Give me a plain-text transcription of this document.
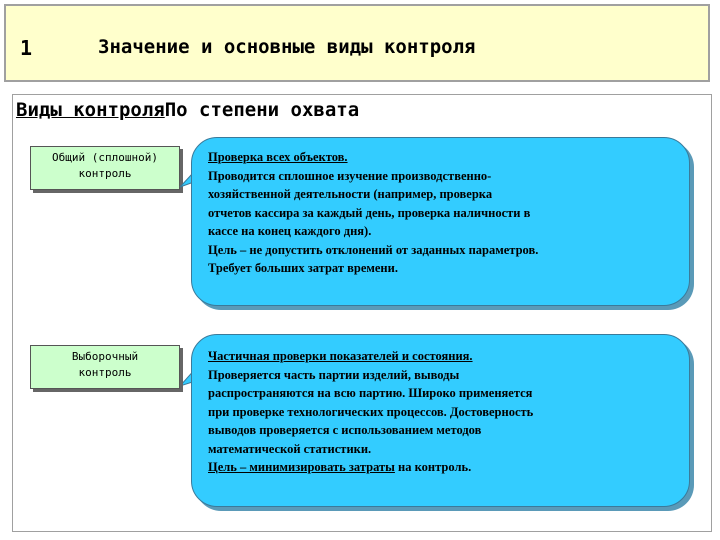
1	Значение и основные виды контроля
Виды контроляПо степени охвата
Общий (сплошной)
контроль

Проверка всех объектов.

Проводится сплошное изучение производственно-

хозяйственной деятельности (например, проверка

отчетов кассира за каждый день, проверка наличности в

кассе на конец каждого дня).

Цель – не допустить отклонений от заданных параметров.

Требует больших затрат времени.

Выборочный
контроль

Частичная проверки показателей и состояния.

Проверяется часть партии изделий, выводы

распространяются на всю партию. Широко применяется

при проверке технологических процессов. Достоверность

выводов проверяется с использованием методов

математической статистики.

Цель – минимизировать затраты на контроль.
